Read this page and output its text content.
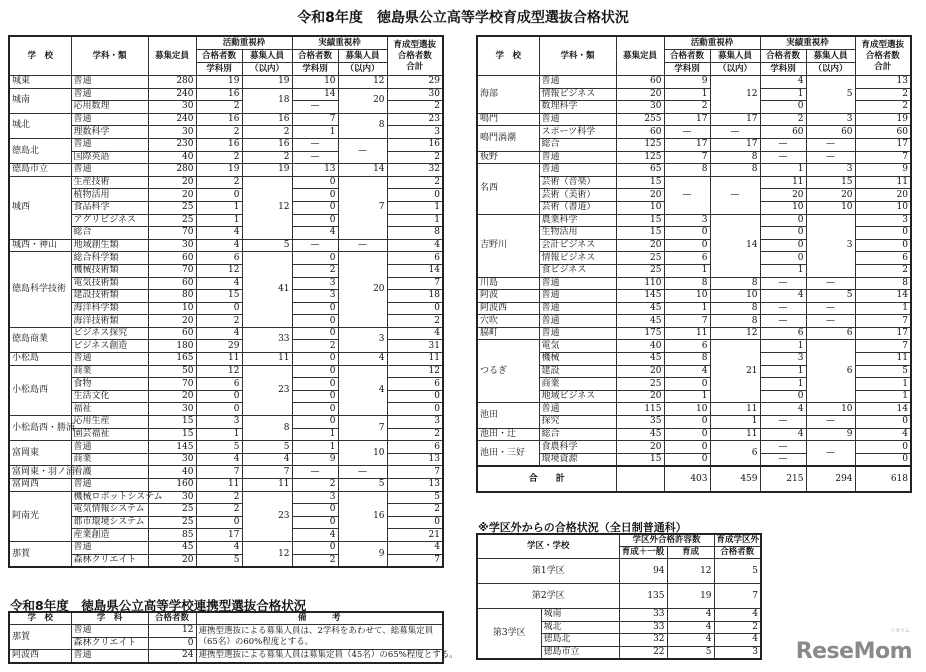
令和8年度　徳島県公立高等学校育成型選抜合格状況
学　校	学科・類	募集定員	活動重視枠		実績重視枠		育成型選抜
合格者数
合計

			合格者数	募集人員	合格者数	募集人員	
			学科別	（以内）	学科別	（以内）	
城東	普通	280	19	19	10	12	29
城南	普通	240	16	18	14	20	30
	応用数理	30	2		—		2
城北	普通	240	16	16	7	8	23
	理数科学	30	2	2	1		3
徳島北	普通	230	16	16	—	—	16
	国際英語	40	2	2	—		2
徳島市立	普通	280	19	19	13	14	32
城西	生産技術	20	2	12	0	7	2
	植物活用	20	0		0		0
	食品科学	25	1		0		1
	アグリビジネス	25	1		0		1
	総合	70	4		4		8
城西・神山	地域創生類	30	4	5	—	—	4
徳島科学技術	総合科学類	60	6	41	0	20	6
	機械技術類	70	12		2		14
	電気技術類	60	4		3		7
	建設技術類	80	15		3		18
	海洋科学類	10	0		0		0
	海洋技術類	20	2		0		2
徳島商業	ビジネス探究	60	4	33	0	3	4
	ビジネス創造	180	29		2		31
小松島	普通	165	11	11	0	4	11
小松島西	商業	50	12	23	0	4	12
	食物	70	6		0		6
	生活文化	20	0		0		0
	福祉	30	0		0		0
小松島西・勝浦	応用生産	15	3	8	0	7	3
	園芸福祉	15	1		1		2
富岡東	普通	145	5	5	1	10	6
	商業	30	4	4	9		13
富岡東・羽ノ浦	看護	40	7	7	—	—	7
富岡西	普通	160	11	11	2	5	13
阿南光	機械ロボットシステム	30	2	23	3	16	5
	電気情報システム	25	2		0		2
	都市環境システム	25	0		0		0
	産業創造	85	17		4		21
那賀	普通	45	4	12	0	9	4
	森林クリエイト	20	5		2		7
学　校	学科・類	募集定員	活動重視枠		実績重視枠		育成型選抜
合格者数
合計

			合格者数	募集人員	合格者数	募集人員	
			学科別	（以内）	学科別	（以内）	
海部	普通	60	9	12	4	5	13
	情報ビジネス	20	1		1		2
	数理科学	30	2		0		2
鳴門	普通	255	17	17	2	3	19
鳴門渦潮	スポーツ科学	60	—	—	60	60	60
	総合	125	17	17	—	—	17
板野	普通	125	7	8	—	—	7
名西	普通	65	8	8	1	3	9
	芸術（音楽）	15	—	—	11	15	11
	芸術（美術）	20			20	20	20
	芸術（書道）	10			10	10	10
吉野川	農業科学	15	3	14	0	3	3
	生物活用	15	0		0		0
	会計ビジネス	20	0		0		0
	情報ビジネス	25	6		0		6
	食ビジネス	25	1		1		2
川島	普通	110	8	8	—	—	8
阿波	普通	145	10	10	4	5	14
阿波西	普通	45	1	8	—	—	1
穴吹	普通	45	7	8	—	—	7
脇町	普通	175	11	12	6	6	17
つるぎ	電気	40	6	21	1	6	7
	機械	45	8		3		11
	建設	20	4		1		5
	商業	25	0		1		1
	地域ビジネス	20	1		0		1
池田	普通	115	10	11	4	10	14
	探究	35	0	1	—	—	0
池田・辻	総合	45	0	11	4	9	4
池田・三好	食農科学	20	0	6	—	—	0
	環境資源	15	0		—		0
合　　計			403	459	215	294	618
令和8年度　徳島県公立高等学校連携型選抜合格状況
学　校	学　科	合格者数	備　　　考
那賀	普通	12	連携型選抜による募集人員は、2学科をあわせて、総募集定員（65名）の60%程度とする。
	森林クリエイト	0	
阿波西	普通	24	連携型選抜による募集人員は募集定員（45名）の65%程度とする。
※学区外からの合格状況（全日制普通科）
学区・学校		学区外合格許容数		育成学区外
		育成＋一般	育成	合格者数
第1学区		94	12	5
第2学区		135	19	7
第3学区	城南	33	4	4
	城北	33	4	2
	徳島北	32	4	4
	徳島市立	22	5	3
リセマム
ReseMom
